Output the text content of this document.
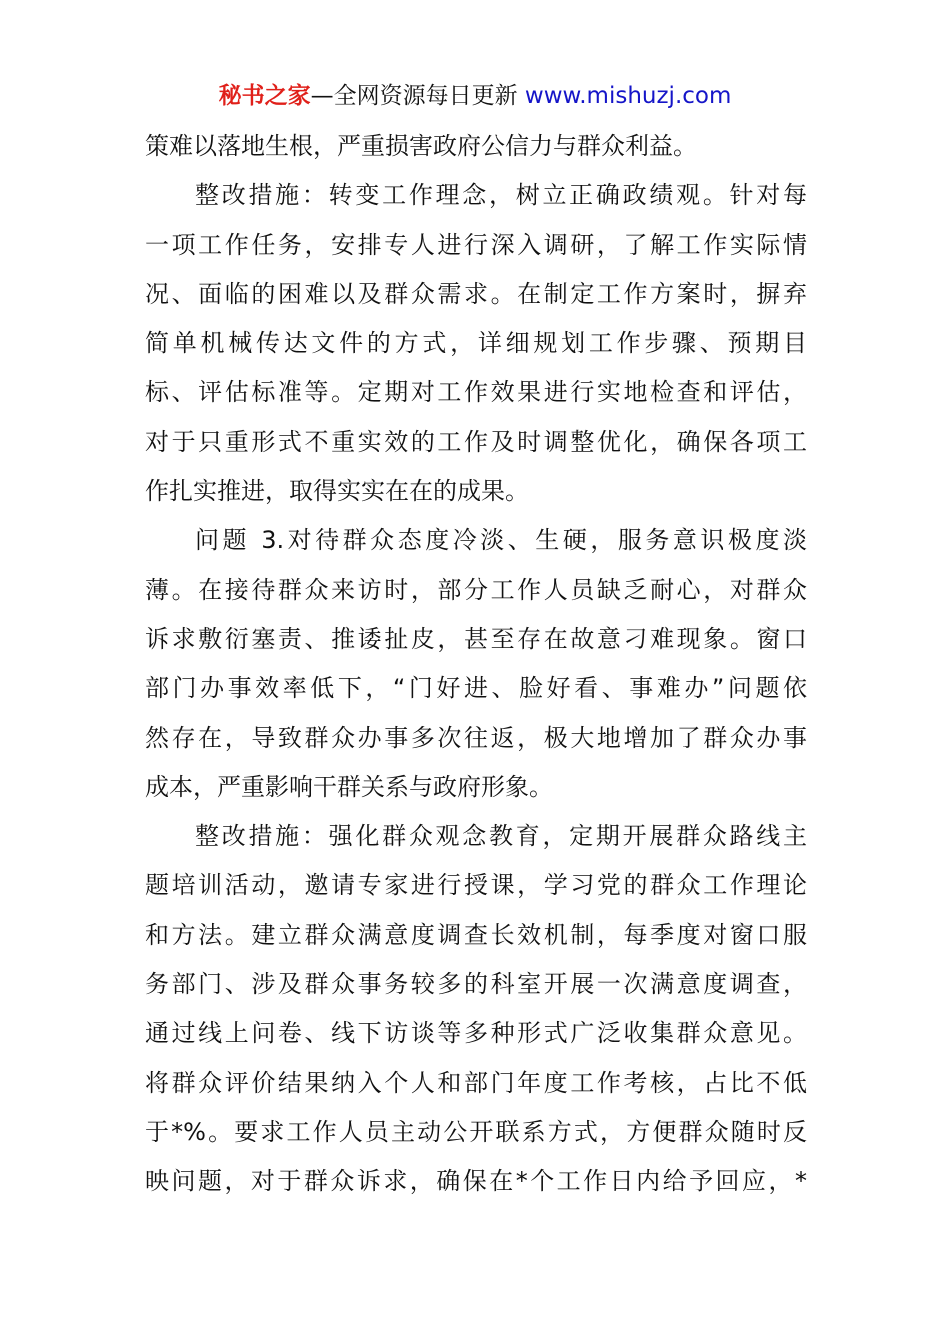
秘书之家—全网资源每日更新 www.mishuzj.com
策难以落地生根，严重损害政府公信力与群众利益。
整改措施：转变工作理念，树立正确政绩观。针对每
一项工作任务，安排专人进行深入调研，了解工作实际情
况、面临的困难以及群众需求。在制定工作方案时，摒弃
简单机械传达文件的方式，详细规划工作步骤、预期目
标、评估标准等。定期对工作效果进行实地检查和评估，
对于只重形式不重实效的工作及时调整优化，确保各项工
作扎实推进，取得实实在在的成果。
问题 3.对待群众态度冷淡、生硬，服务意识极度淡
薄。在接待群众来访时，部分工作人员缺乏耐心，对群众
诉求敷衍塞责、推诿扯皮，甚至存在故意刁难现象。窗口
部门办事效率低下，“门好进、脸好看、事难办”问题依
然存在，导致群众办事多次往返，极大地增加了群众办事
成本，严重影响干群关系与政府形象。
整改措施：强化群众观念教育，定期开展群众路线主
题培训活动，邀请专家进行授课，学习党的群众工作理论
和方法。建立群众满意度调查长效机制，每季度对窗口服
务部门、涉及群众事务较多的科室开展一次满意度调查，
通过线上问卷、线下访谈等多种形式广泛收集群众意见。
将群众评价结果纳入个人和部门年度工作考核，占比不低
于*%。要求工作人员主动公开联系方式，方便群众随时反
映问题，对于群众诉求，确保在*个工作日内给予回应，*
